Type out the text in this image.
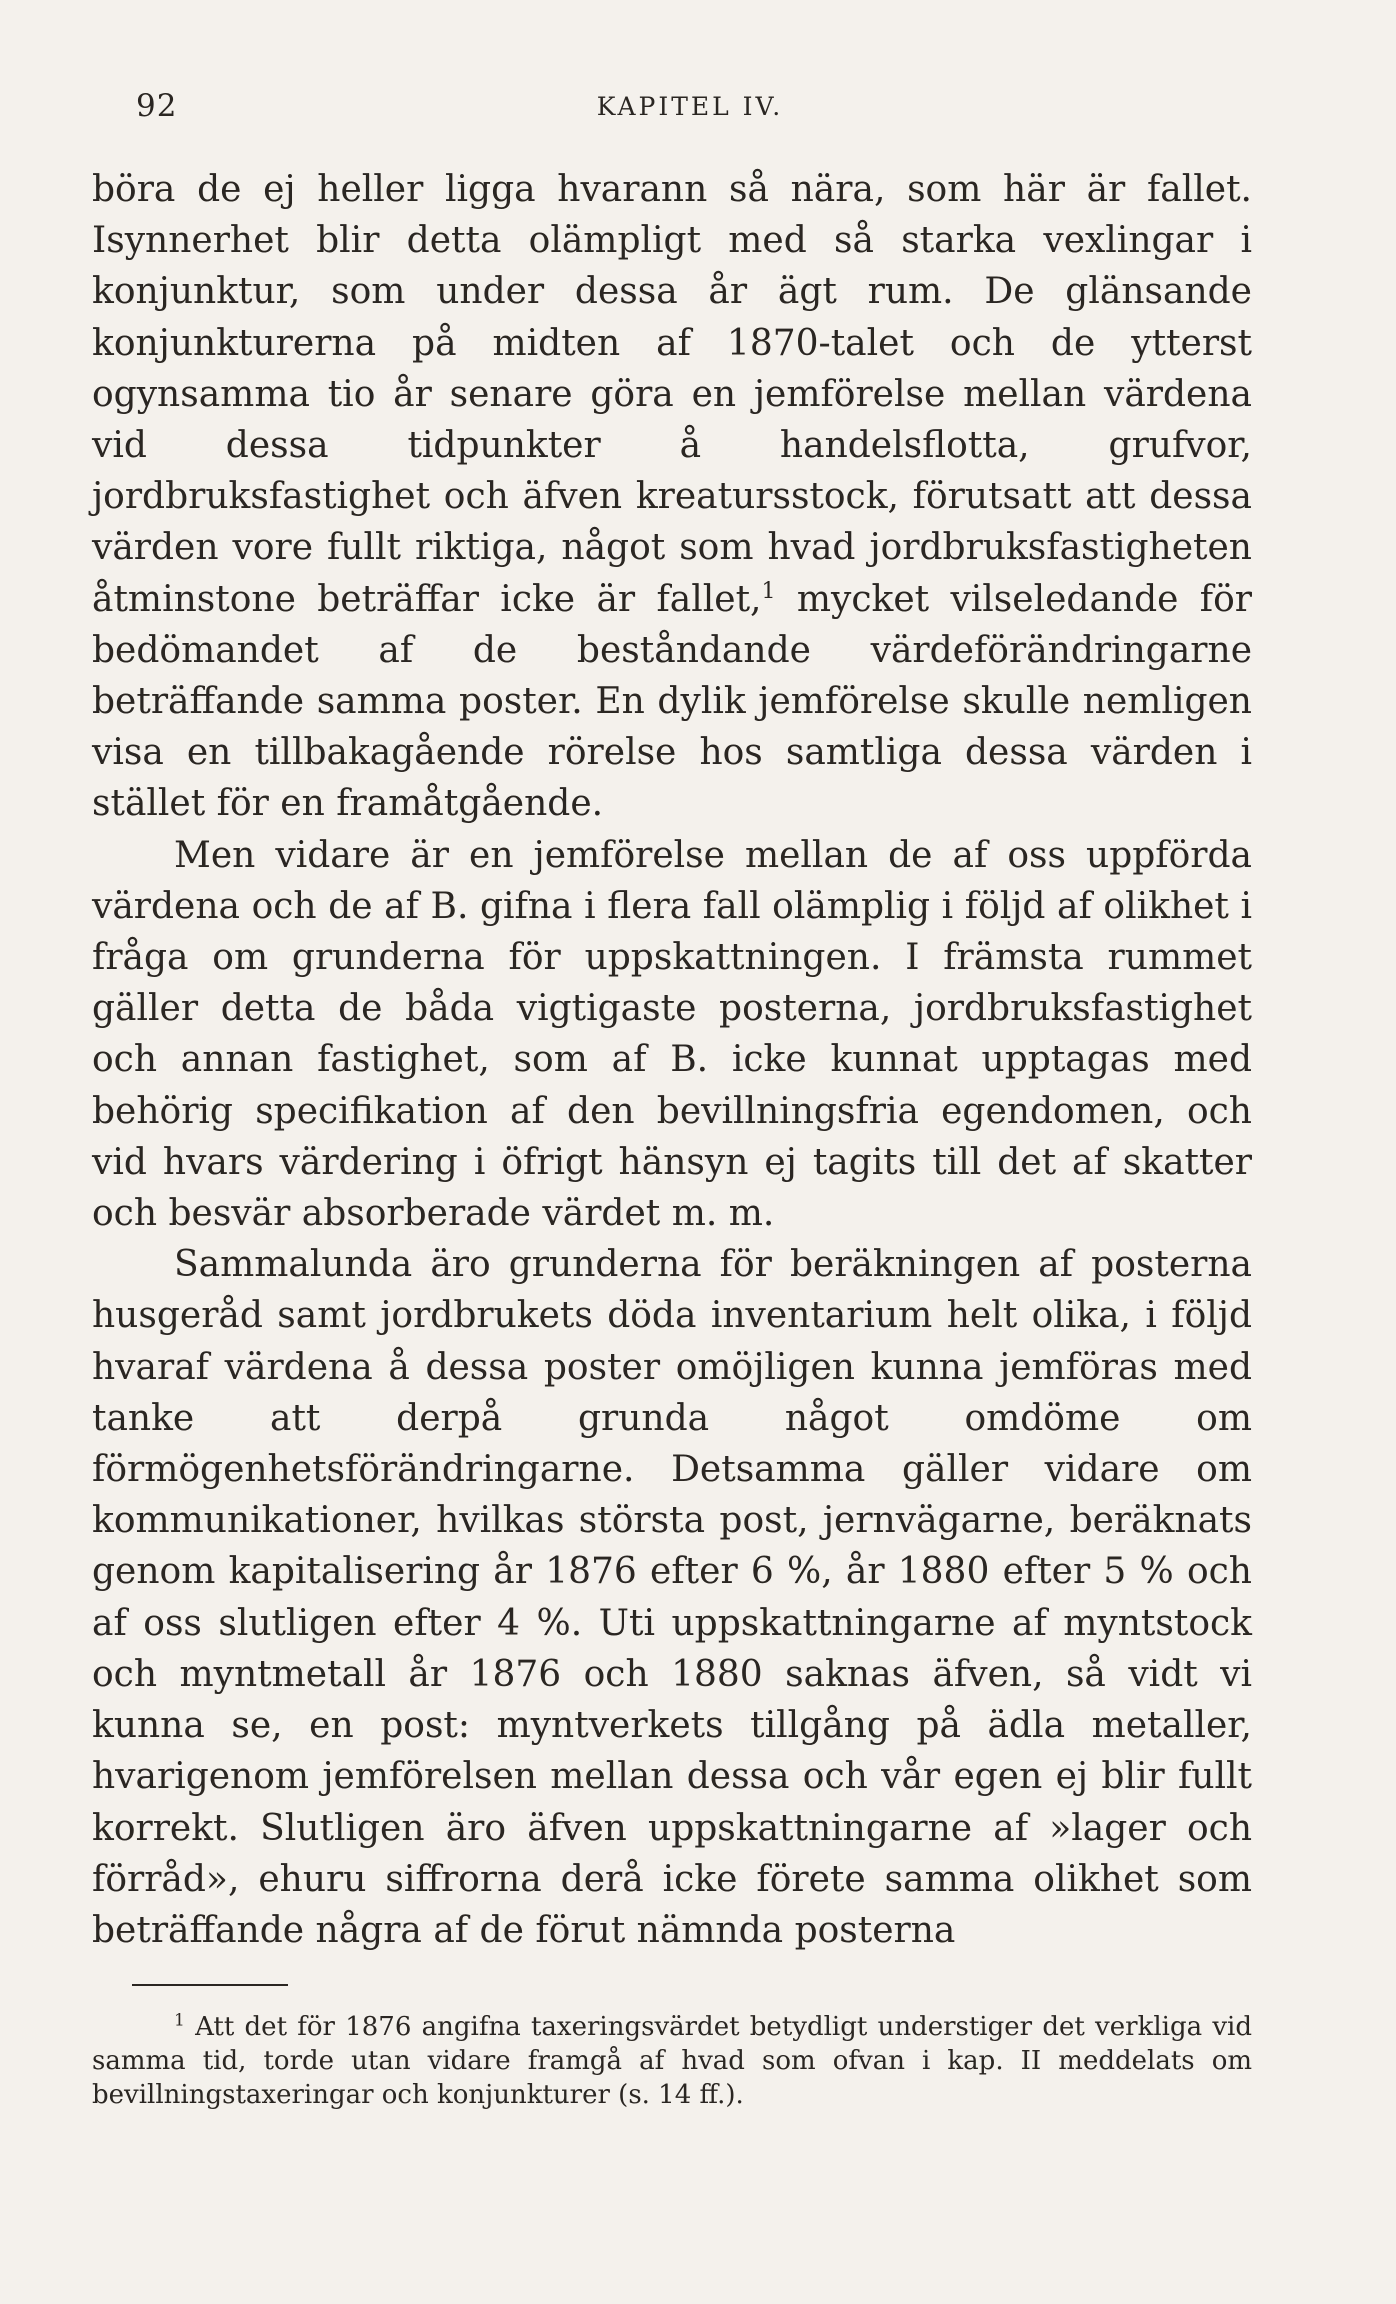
92	KAPITEL IV.

böra de ej heller ligga hvarann så nära, som här är fallet. Isynnerhet blir detta olämpligt med så starka vexlingar i konjunktur, som under dessa år ägt rum. De glänsande konjunkturerna på midten af 1870-talet och de ytterst ogynsamma tio år senare göra en jemförelse mellan värdena vid dessa tidpunkter å handelsflotta, grufvor, jordbruksfastighet och äfven kreatursstock, förutsatt att dessa värden vore fullt riktiga, något som hvad jordbruksfastigheten åtminstone beträffar icke är fallet,$^1$ mycket vilseledande för bedömandet af de beståndande värdeförändringarne beträffande samma poster. En dylik jemförelse skulle nemligen visa en tillbakagående rörelse hos samtliga dessa värden i stället för en framåtgående.

Men vidare är en jemförelse mellan de af oss uppförda värdena och de af B. gifna i flera fall olämplig i följd af olikhet i fråga om grunderna för uppskattningen. I främsta rummet gäller detta de båda vigtigaste posterna, jordbruksfastighet och annan fastighet, som af B. icke kunnat upptagas med behörig specifikation af den bevillningsfria egendomen, och vid hvars värdering i öfrigt hänsyn ej tagits till det af skatter och besvär absorberade värdet m. m.

Sammalunda äro grunderna för beräkningen af posterna husgeråd samt jordbrukets döda inventarium helt olika, i följd hvaraf värdena å dessa poster omöjligen kunna jemföras med tanke att derpå grunda något omdöme om förmögenhetsförändringarne. Detsamma gäller vidare om kommunikationer, hvilkas största post, jernvägarne, beräknats genom kapitalisering år 1876 efter 6 %, år 1880 efter 5 % och af oss slutligen efter 4 %. Uti uppskattningarne af myntstock och myntmetall år 1876 och 1880 saknas äfven, så vidt vi kunna se, en post: myntverkets tillgång på ädla metaller, hvarigenom jemförelsen mellan dessa och vår egen ej blir fullt korrekt. Slutligen äro äfven uppskattningarne af »lager och förråd», ehuru siffrorna derå icke förete samma olikhet som beträffande några af de förut nämnda posterna

$^1$ Att det för 1876 angifna taxeringsvärdet betydligt understiger det verkliga vid samma tid, torde utan vidare framgå af hvad som ofvan i kap. II meddelats om bevillningstaxeringar och konjunkturer (s. 14 ff.).
